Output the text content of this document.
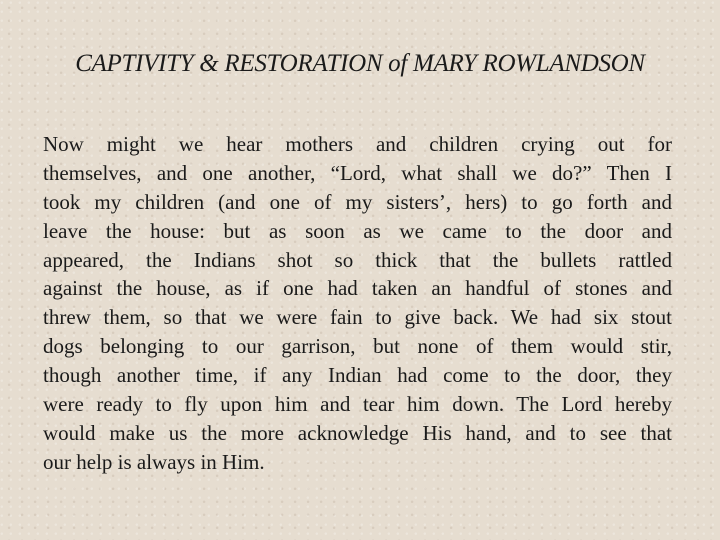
CAPTIVITY & RESTORATION of MARY ROWLANDSON
Now might we hear mothers and children crying out for
themselves, and one another, “Lord, what shall we do?” Then I
took my children (and one of my sisters’, hers) to go forth and
leave the house: but as soon as we came to the door and
appeared, the Indians shot so thick that the bullets rattled
against the house, as if one had taken an handful of stones and
threw them, so that we were fain to give back. We had six stout
dogs belonging to our garrison, but none of them would stir,
though another time, if any Indian had come to the door, they
were ready to fly upon him and tear him down. The Lord hereby
would make us the more acknowledge His hand, and to see that
our help is always in Him.
